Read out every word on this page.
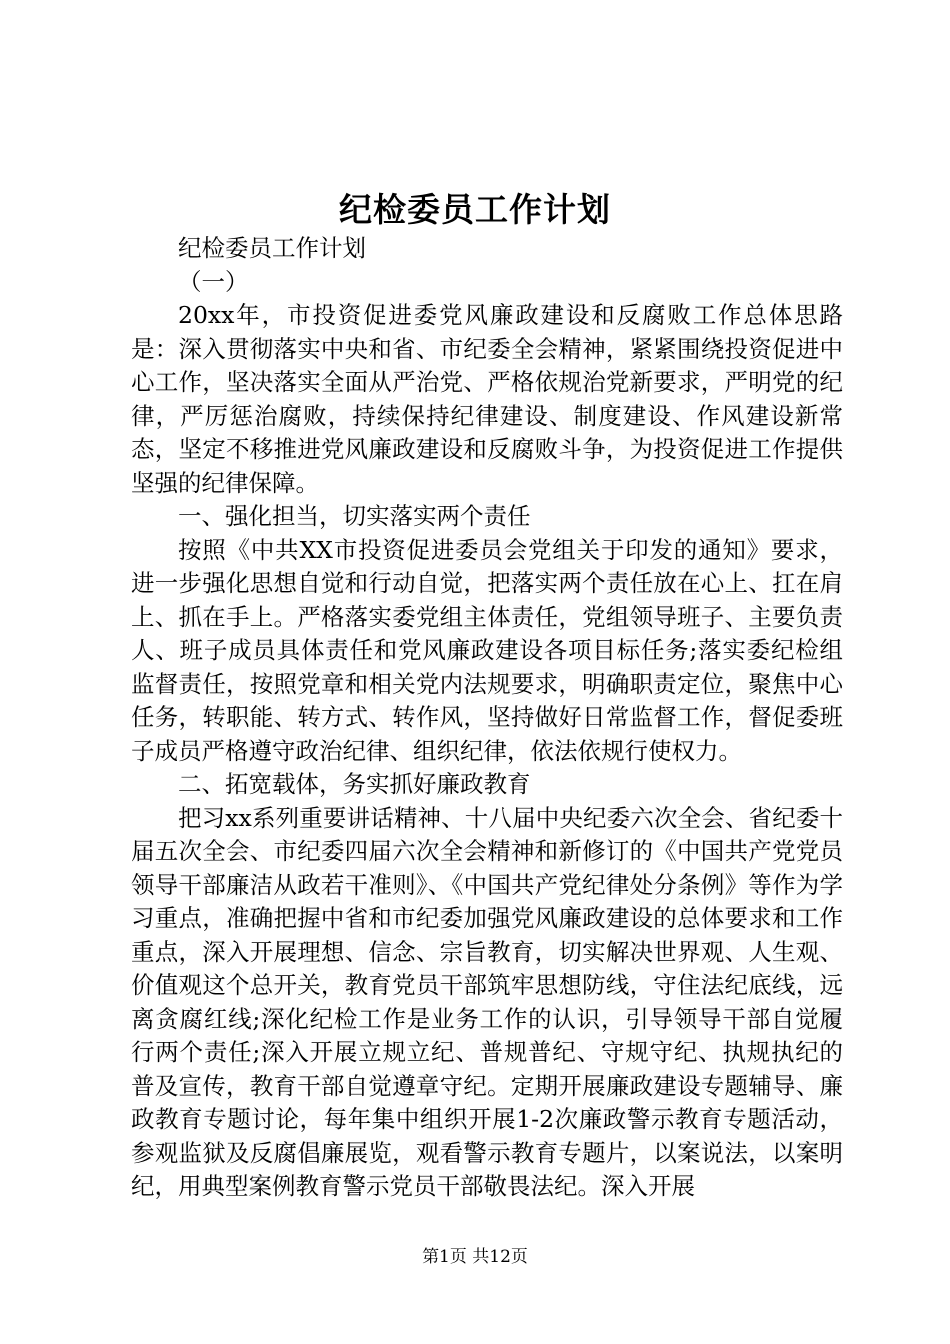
纪检委员工作计划

纪检委员工作计划

（一）

20xx年，市投资促进委党风廉政建设和反腐败工作总体思路是：深入贯彻落实中央和省、市纪委全会精神，紧紧围绕投资促进中心工作，坚决落实全面从严治党、严格依规治党新要求，严明党的纪律，严厉惩治腐败，持续保持纪律建设、制度建设、作风建设新常态，坚定不移推进党风廉政建设和反腐败斗争，为投资促进工作提供坚强的纪律保障。

一、强化担当，切实落实两个责任

按照《中共XX市投资促进委员会党组关于印发的通知》要求，进一步强化思想自觉和行动自觉，把落实两个责任放在心上、扛在肩上、抓在手上。严格落实委党组主体责任，党组领导班子、主要负责人、班子成员具体责任和党风廉政建设各项目标任务;落实委纪检组监督责任，按照党章和相关党内法规要求，明确职责定位，聚焦中心任务，转职能、转方式、转作风，坚持做好日常监督工作，督促委班子成员严格遵守政治纪律、组织纪律，依法依规行使权力。

二、拓宽载体，务实抓好廉政教育

把习xx系列重要讲话精神、十八届中央纪委六次全会、省纪委十届五次全会、市纪委四届六次全会精神和新修订的《中国共产党党员领导干部廉洁从政若干准则》、《中国共产党纪律处分条例》等作为学习重点，准确把握中省和市纪委加强党风廉政建设的总体要求和工作重点，深入开展理想、信念、宗旨教育，切实解决世界观、人生观、价值观这个总开关，教育党员干部筑牢思想防线，守住法纪底线，远离贪腐红线;深化纪检工作是业务工作的认识，引导领导干部自觉履行两个责任;深入开展立规立纪、普规普纪、守规守纪、执规执纪的普及宣传，教育干部自觉遵章守纪。定期开展廉政建设专题辅导、廉政教育专题讨论，每年集中组织开展1-2次廉政警示教育专题活动，参观监狱及反腐倡廉展览，观看警示教育专题片，以案说法，以案明纪，用典型案例教育警示党员干部敬畏法纪。深入开展

第1页 共12页
